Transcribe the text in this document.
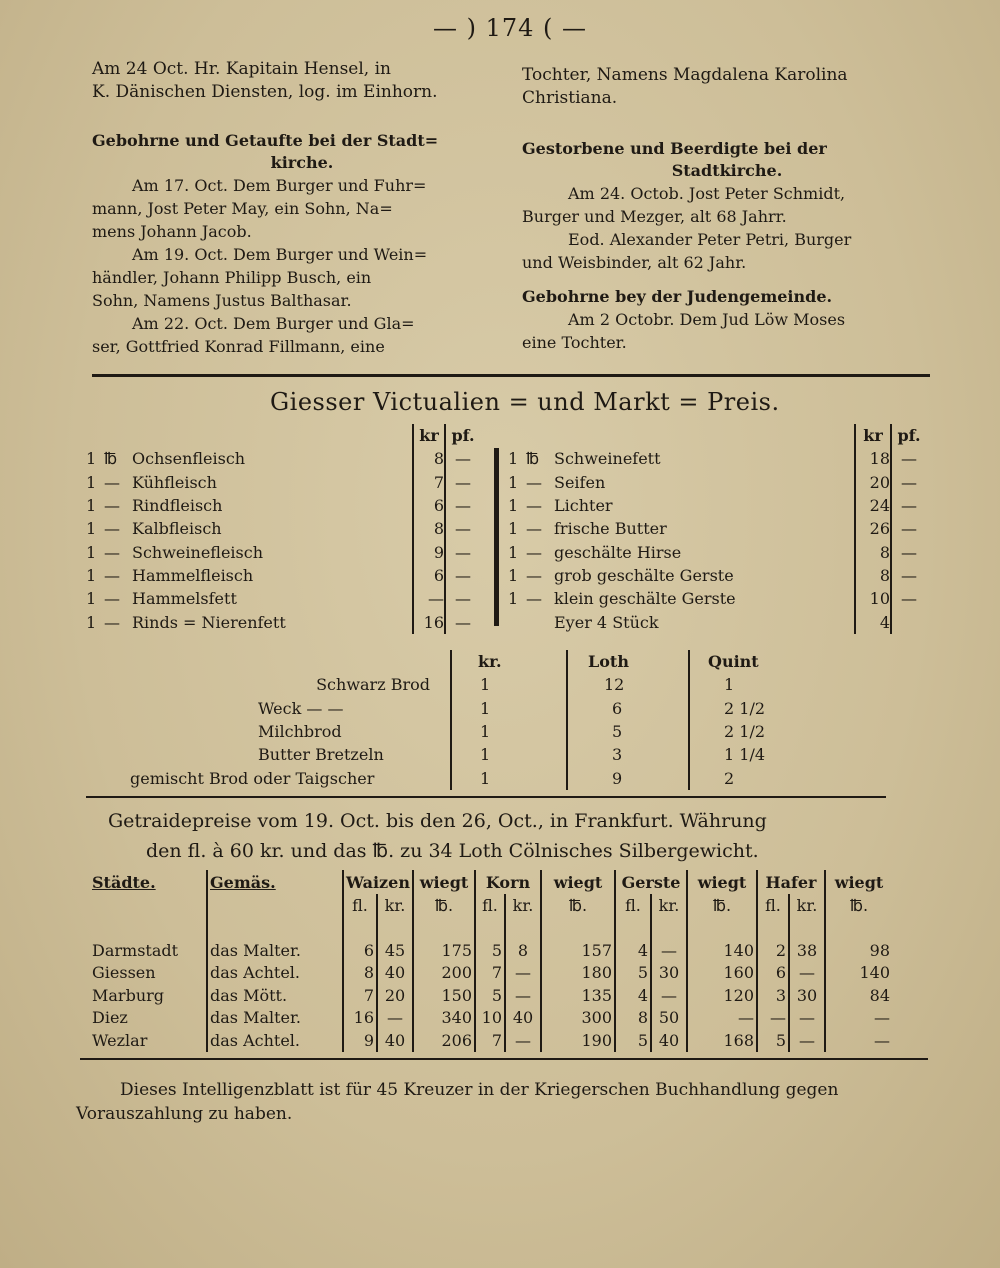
— ) 174 ( —
Am 24 Oct. Hr. Kapitain Hensel, in
K. Dänischen Diensten, log. im Einhorn.
Tochter, Namens Magdalena Karolina
Christiana.
Gebohrne und Getaufte bei der Stadt=
kirche.
Am 17. Oct. Dem Burger und Fuhr=
mann, Jost Peter May, ein Sohn, Na=
mens Johann Jacob.
Am 19. Oct. Dem Burger und Wein=
händler, Johann Philipp Busch, ein
Sohn, Namens Justus Balthasar.
Am 22. Oct. Dem Burger und Gla=
ser, Gottfried Konrad Fillmann, eine
Gestorbene und Beerdigte bei der
Stadtkirche.
Am 24. Octob. Jost Peter Schmidt,
Burger und Mezger, alt 68 Jahrr.
Eod. Alexander Peter Petri, Burger
und Weisbinder, alt 62 Jahr.
Gebohrne bey der Judengemeinde.
Am 2 Octobr. Dem Jud Löw Moses
eine Tochter.
Giesser Victualien = und Markt = Preis.
			kr	pf.
1	℔	Ochsenfleisch	8	—
1	—	Kühfleisch	7	—
1	—	Rindfleisch	6	—
1	—	Kalbfleisch	8	—
1	—	Schweinefleisch	9	—
1	—	Hammelfleisch	6	—
1	—	Hammelsfett	—	—
1	—	Rinds = Nierenfett	16	—
			kr	pf.
1	℔	Schweinefett	18	—
1	—	Seifen	20	—
1	—	Lichter	24	—
1	—	frische Butter	26	—
1	—	geschälte Hirse	8	—
1	—	grob geschälte Gerste	8	—
1	—	klein geschälte Gerste	10	—
		Eyer 4 Stück	4	
	kr.	Loth	Quint
Schwarz Brod	1	12	1
Weck — —	1	6	2 1/2
Milchbrod	1	5	2 1/2
Butter Bretzeln	1	3	1 1/4
gemischt Brod oder Taigscher	1	9	2
Getraidepreise vom 19. Oct. bis den 26, Oct., in Frankfurt. Währung
den fl. à 60 kr. und das ℔. zu 34 Loth Cölnisches Silbergewicht.
Städte.	Gemäs.	Waizen		wiegt	Korn		wiegt	Gerste		wiegt	Hafer		wiegt
		fl.	kr.	℔.	fl.	kr.	℔.	fl.	kr.	℔.	fl.	kr.	℔.

Darmstadt	das Malter.	6	45	175	5	8	157	4	—	140	2	38	98
Giessen	das Achtel.	8	40	200	7	—	180	5	30	160	6	—	140
Marburg	das Mött.	7	20	150	5	—	135	4	—	120	3	30	84
Diez	das Malter.	16	—	340	10	40	300	8	50	—	—	—	—
Wezlar	das Achtel.	9	40	206	7	—	190	5	40	168	5	—	—
Dieses Intelligenzblatt ist für 45 Kreuzer in der Kriegerschen Buchhandlung gegen
Vorauszahlung zu haben.
